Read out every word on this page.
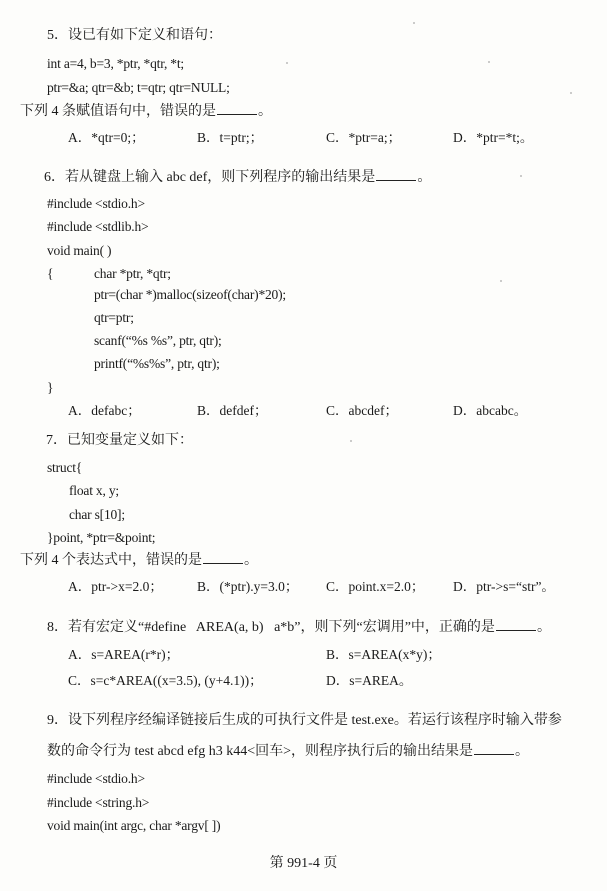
5．设已有如下定义和语句：
int a=4, b=3, *ptr, *qtr, *t;
ptr=&a; qtr=&b; t=qtr; qtr=NULL;
下列 4 条赋值语句中，错误的是	。
A．*qtr=0;；	B．t=ptr;；	C．*ptr=a;；	D．*ptr=*t;。
6．若从键盘上输入 abc def，则下列程序的输出结果是	。
#include <stdio.h>
#include <stdlib.h>
void main( )
{	char *ptr, *qtr;
ptr=(char *)malloc(sizeof(char)*20);
qtr=ptr;
scanf(“%s %s”, ptr, qtr);
printf(“%s%s”, ptr, qtr);
}
A．defabc；	B．defdef；	C．abcdef；	D．abcabc。
7．已知变量定义如下：
struct{
float x, y;
char s[10];
}point, *ptr=&point;
下列 4 个表达式中，错误的是	。
A．ptr->x=2.0；	B．(*ptr).y=3.0； C．point.x=2.0； D．ptr->s=“str”。
8．若有宏定义“#define   AREA(a, b)   a*b”，则下列“宏调用”中，正确的是	。
A．s=AREA(r*r)；	B．s=AREA(x*y)；
C．s=c*AREA((x=3.5), (y+4.1))；	D．s=AREA。
9．设下列程序经编译链接后生成的可执行文件是 test.exe。若运行该程序时输入带参
数的命令行为 test abcd efg h3 k44<回车>，则程序执行后的输出结果是	。
#include <stdio.h>
#include <string.h>
void main(int argc, char *argv[ ])
第 991-4 页
